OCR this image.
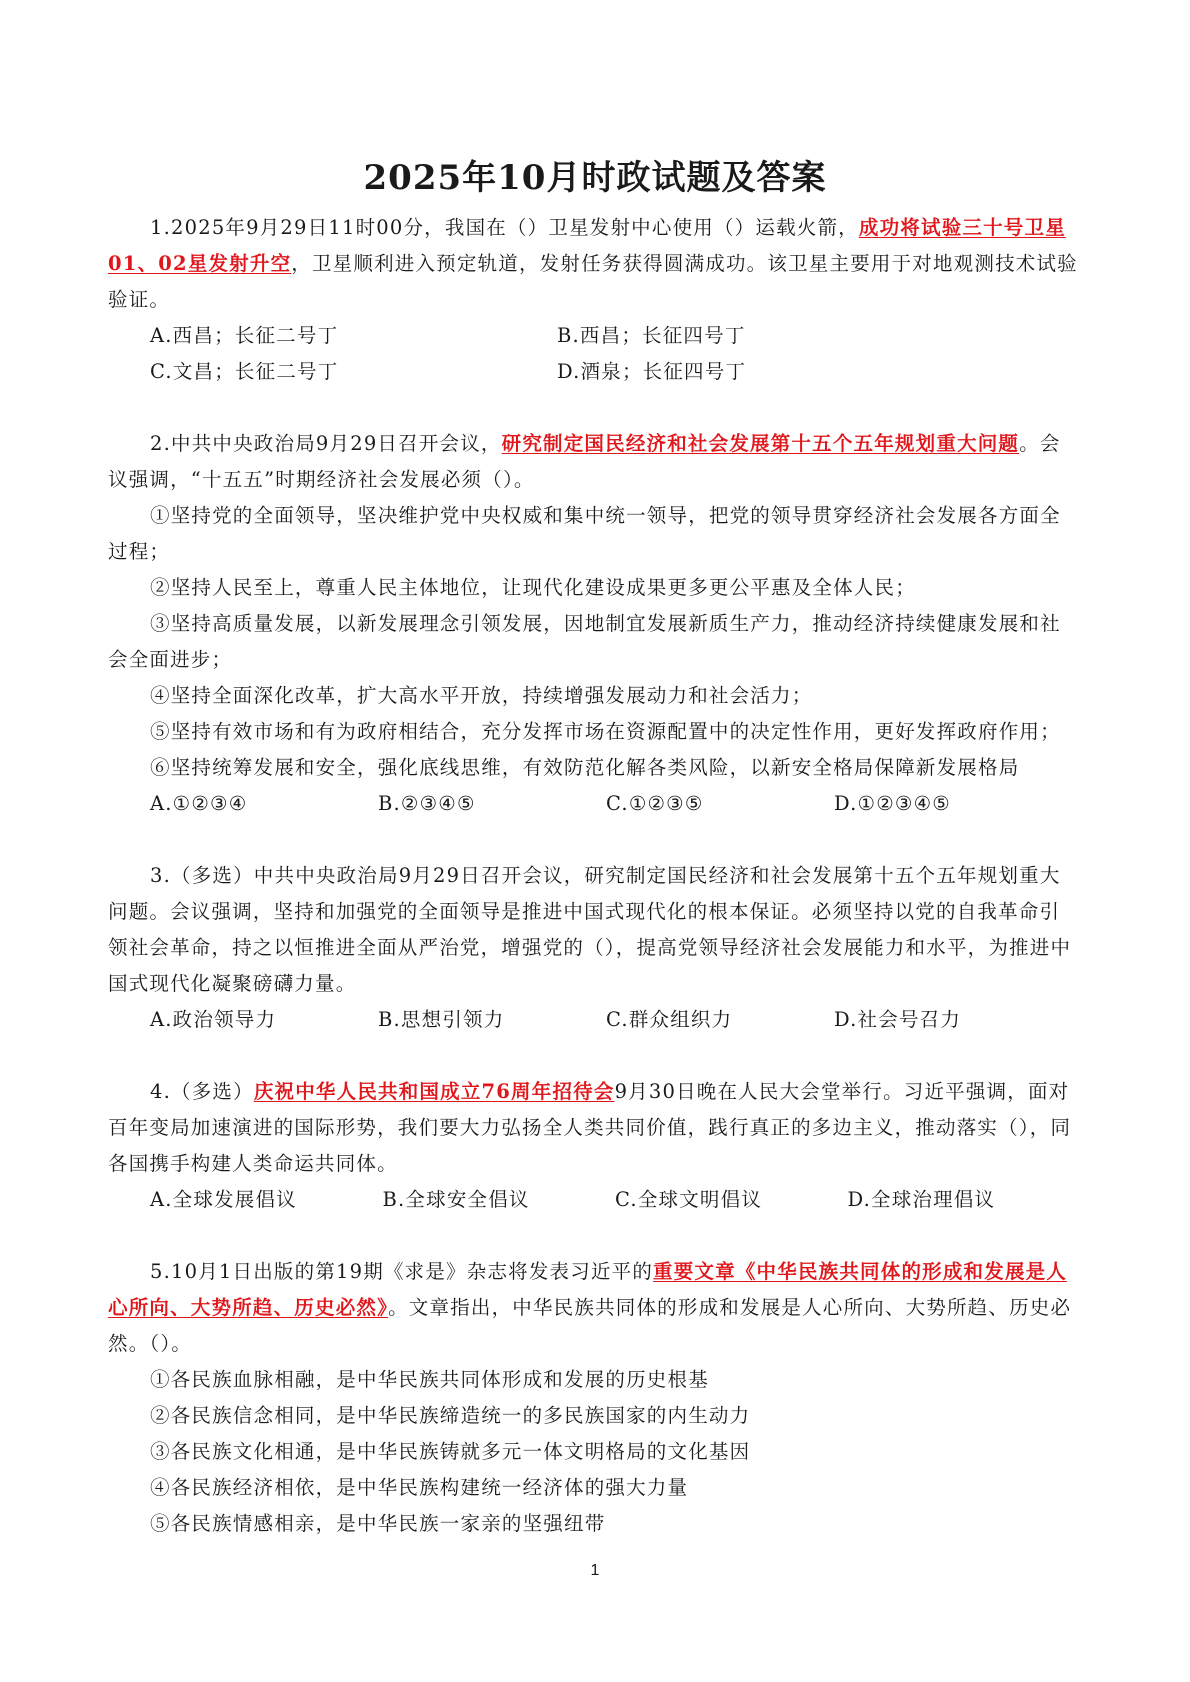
2025年10月时政试题及答案

1.2025年9月29日11时00分，我国在（）卫星发射中心使用（）运载火箭，成功将试验三十号卫星01、02星发射升空，卫星顺利进入预定轨道，发射任务获得圆满成功。该卫星主要用于对地观测技术试验验证。

A.西昌；长征二号丁	B.西昌；长征四号丁
C.文昌；长征二号丁	D.酒泉；长征四号丁

2.中共中央政治局9月29日召开会议，研究制定国民经济和社会发展第十五个五年规划重大问题。会议强调，“十五五”时期经济社会发展必须（）。

①坚持党的全面领导，坚决维护党中央权威和集中统一领导，把党的领导贯穿经济社会发展各方面全过程；

②坚持人民至上，尊重人民主体地位，让现代化建设成果更多更公平惠及全体人民；

③坚持高质量发展，以新发展理念引领发展，因地制宜发展新质生产力，推动经济持续健康发展和社会全面进步；

④坚持全面深化改革，扩大高水平开放，持续增强发展动力和社会活力；

⑤坚持有效市场和有为政府相结合，充分发挥市场在资源配置中的决定性作用，更好发挥政府作用；

⑥坚持统筹发展和安全，强化底线思维，有效防范化解各类风险，以新安全格局保障新发展格局

A.①②③④	B.②③④⑤	C.①②③⑤	D.①②③④⑤

3.（多选）中共中央政治局9月29日召开会议，研究制定国民经济和社会发展第十五个五年规划重大问题。会议强调，坚持和加强党的全面领导是推进中国式现代化的根本保证。必须坚持以党的自我革命引领社会革命，持之以恒推进全面从严治党，增强党的（），提高党领导经济社会发展能力和水平，为推进中国式现代化凝聚磅礴力量。

A.政治领导力	B.思想引领力	C.群众组织力	D.社会号召力

4.（多选）庆祝中华人民共和国成立76周年招待会9月30日晚在人民大会堂举行。习近平强调，面对百年变局加速演进的国际形势，我们要大力弘扬全人类共同价值，践行真正的多边主义，推动落实（），同各国携手构建人类命运共同体。

A.全球发展倡议	B.全球安全倡议	C.全球文明倡议	D.全球治理倡议

5.10月1日出版的第19期《求是》杂志将发表习近平的重要文章《中华民族共同体的形成和发展是人心所向、大势所趋、历史必然》。文章指出，中华民族共同体的形成和发展是人心所向、大势所趋、历史必然。（）。

①各民族血脉相融，是中华民族共同体形成和发展的历史根基

②各民族信念相同，是中华民族缔造统一的多民族国家的内生动力

③各民族文化相通，是中华民族铸就多元一体文明格局的文化基因

④各民族经济相依，是中华民族构建统一经济体的强大力量

⑤各民族情感相亲，是中华民族一家亲的坚强纽带

1
